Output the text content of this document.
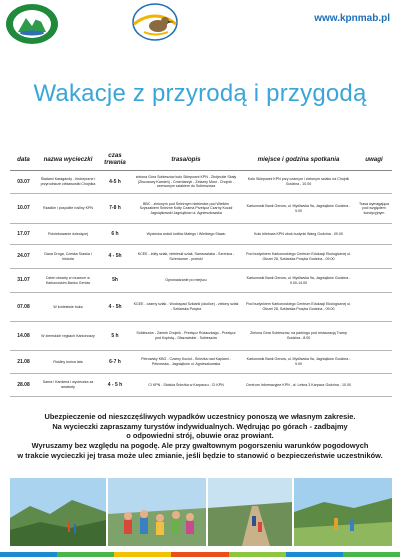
www.kpnmab.pl
Wakacje z przyrodą i przygodą
data	nazwa wycieczki	czas trwania	trasa/opis	miejsce i godzina spotkania	uwagi
03.07	Śladami Karagandy - historyczne i przyrodnicze ciekawostki Chojnika	4-5 h	zielona Góra Sobieszów koło Sklepowni KPN - Zbójeckie Skały (Zbucaowy Kamień) - Cmentarzyk - Żelazny Most - Chojnik - czerwonym szlakiem do Sobieszowa	Koło Sklepowni KPN przy czarnym i zielonym szlaku na Chojnik Godzina - 10.00	
10.07	Rzadkie i pospolite rośliny KPN	7-8 h	BBC - zielonym pod Śnieżnym niebieskie pod Wielkim Szyszakiem Śnieżne Kotły Czarna Przełęcz Czarny Kocioł Jagniątkowski Jagniątków ul. Agnieszkowska	Karkonoski Bank Genów, ul. Myśliwska 9a, Jagniątków Godzina - 9.00	Trasa wymagająca pod względem kondycyjnym
17.07	Poiniekowanie dziecięcej	6 h	Wyciecka wokół kotłów Małego i Wielkiego Stawu	Koło biletowa KPN obok budynki Wang Godzina - 09.00	
24.07	Dana Droga, Czeska Sraska i historia	4 - 5h	KCEE - żółty szlak, niebieski szlak, Samsowiaka - Szrenica - Szrenicowe - przeski	Pod budynkiem Karkonoskiego Centrum Edukacji Ekologicznej ul. Okrzei 28, Szklarska Poręba Godzina - 09.00	
31.07	Dzień otwarty w muzeum w Karkonoskim Banku Genów	5h	Oprowadzanie po miejscu	Karkonoski Bank Genów, ul. Myśliwska 9a, Jagniątków Godzina - 9.00-14.00	
07.08	W królestwie buka	4 - 5h	KCEE - czarny szlak - Wodospad Szklarki (okolice) - zielony szlak - Szklarska Poręba	Pod budynkiem Karkonoskiego Centrum Edukacji Ekologicznej ul. Okrzei 28, Szklarska Poręba Godzina - 09.00	
14.08	W ziemskich regkach Karkonoszy	5 h	Sobieszów - Zamek Chojnik - Przełęcz Różaczkago - Przełęcz pod Kopistą - Głazowiskie - Sobieszów	Zielona Góra Sobieszów, na parkingu pod restauracją Tramp Godzina - 8.00	
21.08	Rośliny końca lata	6-7 h	Petrowsky KBG - Czarny Kocioł - Śnieżka nad Kaplami - Petrowska - Jagniątków ul. Agnieszkowska	Karkonoski Bank Genów, ul. Myśliwska 9a, Jagniątków Godzina - 9.00	
28.08	Sarna i Kamiena i wycieczka za amatorty	4 - 5 h	CI KPN - Słoiska Śnieżka w Karpaczu - CI KPN	Centrum Informacyjne KPN , ul. Leśna 3 Karpacz Godzina - 10.00	
Ubezpieczenie od nieszczęśliwych wypadków uczestnicy ponoszą we własnym zakresie.
Na wycieczki zapraszamy turystów indywidualnych. Wędrując po górach - zadbajmy
o odpowiedni strój, obuwie oraz prowiant.
Wyruszamy bez względu na pogodę. Ale przy gwałtownym pogorszeniu warunków pogodowych
w trakcie wycieczki jej trasa może ulec zmianie, jeśli będzie to stanowić o bezpieczeństwie uczestników.
